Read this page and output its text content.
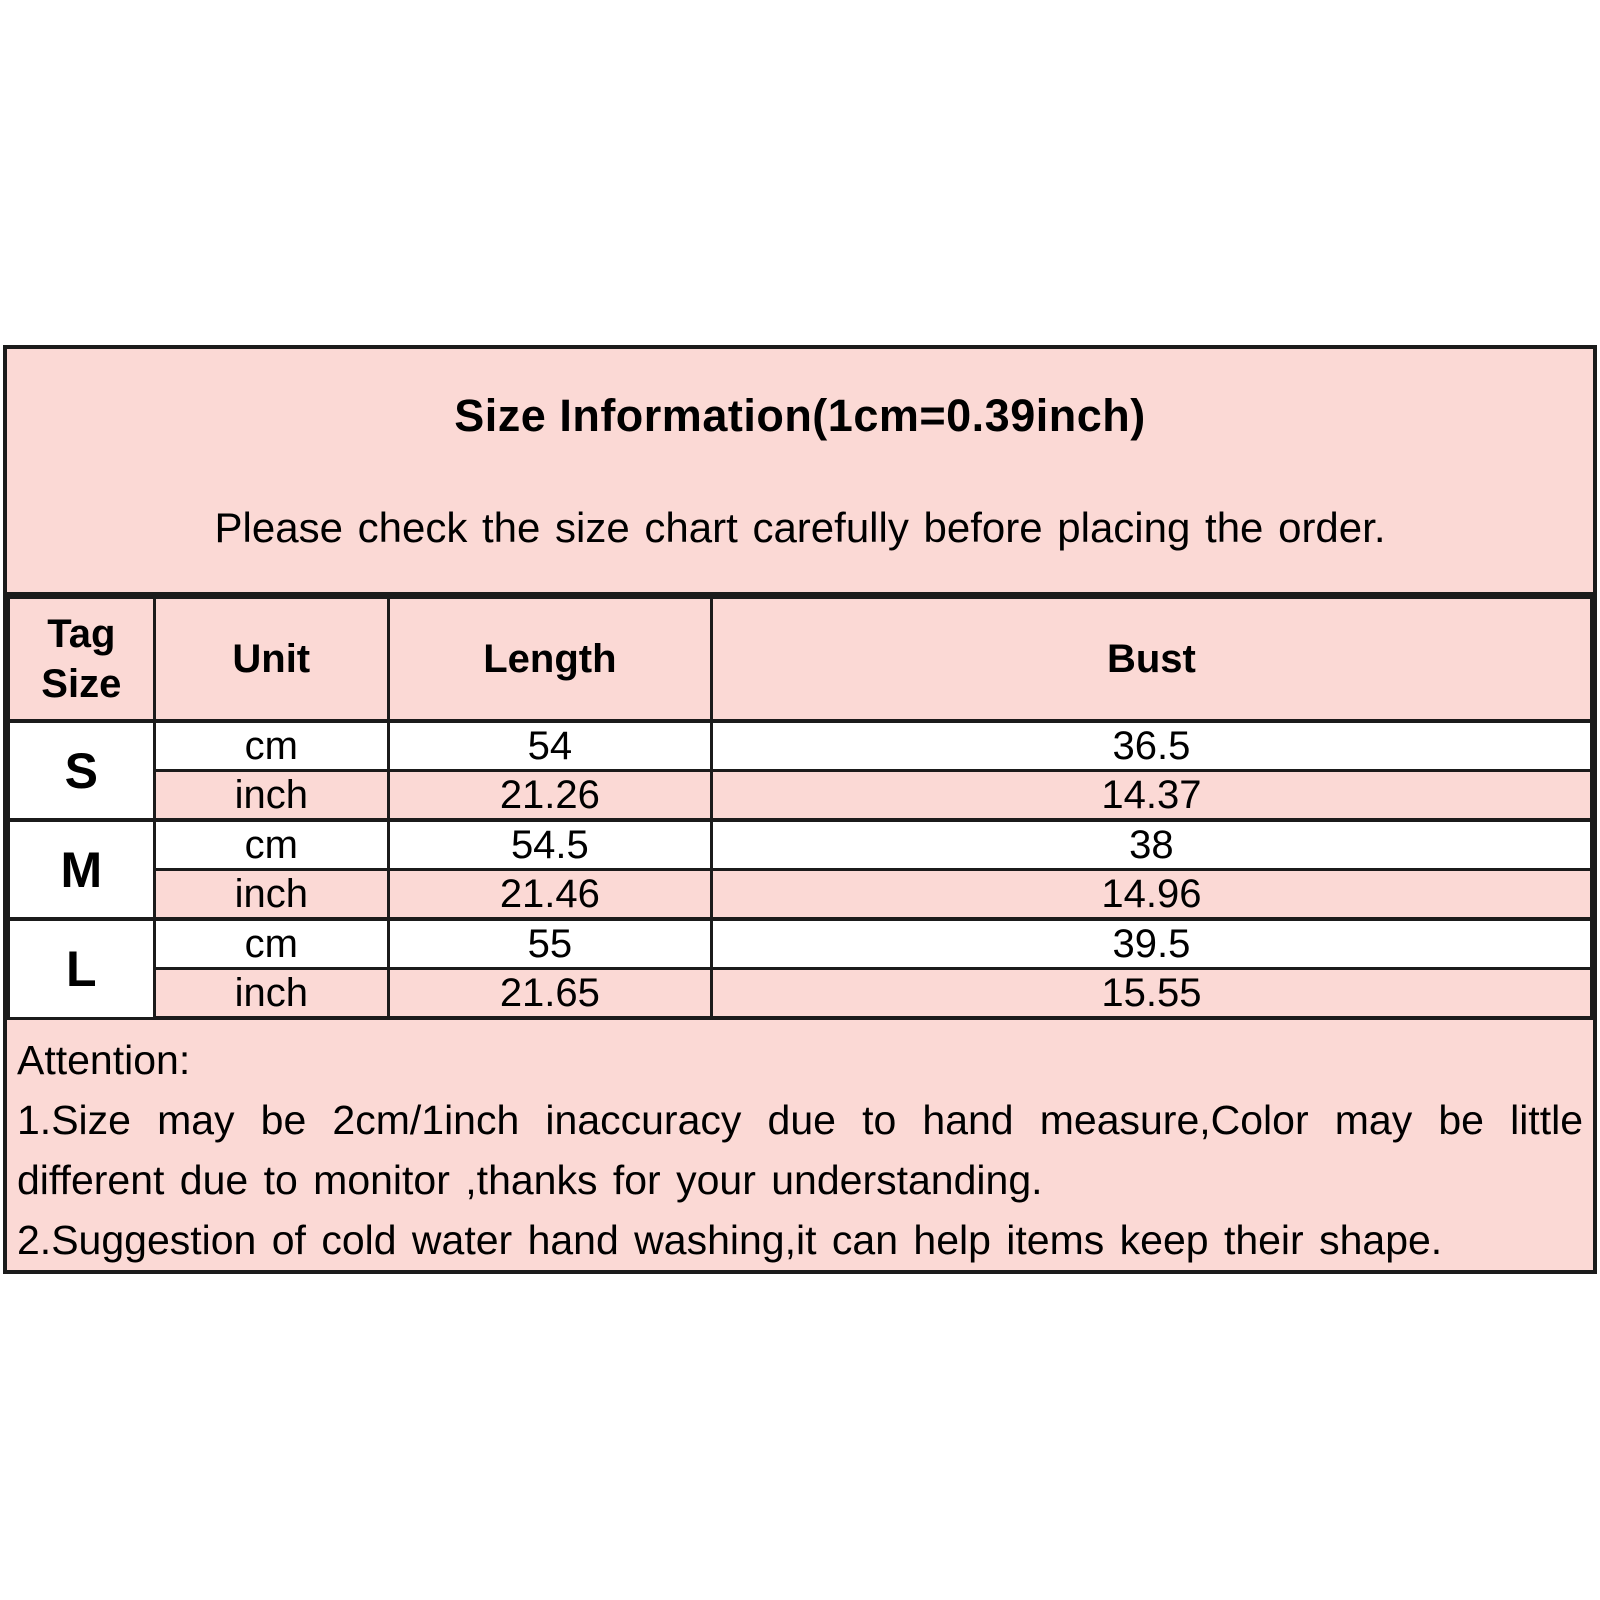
Size Information(1cm=0.39inch)
Please check the size chart carefully before placing the order.
Tag Size	Unit	Length	Bust
S	cm	54	36.5
	inch	21.26	14.37
M	cm	54.5	38
	inch	21.46	14.96
L	cm	55	39.5
	inch	21.65	15.55
Attention:

1.Size may be 2cm/1inch inaccuracy due to hand measure,Color may be little different due to monitor ,thanks for your understanding.

2.Suggestion of cold water hand washing,it can help items keep their shape.
